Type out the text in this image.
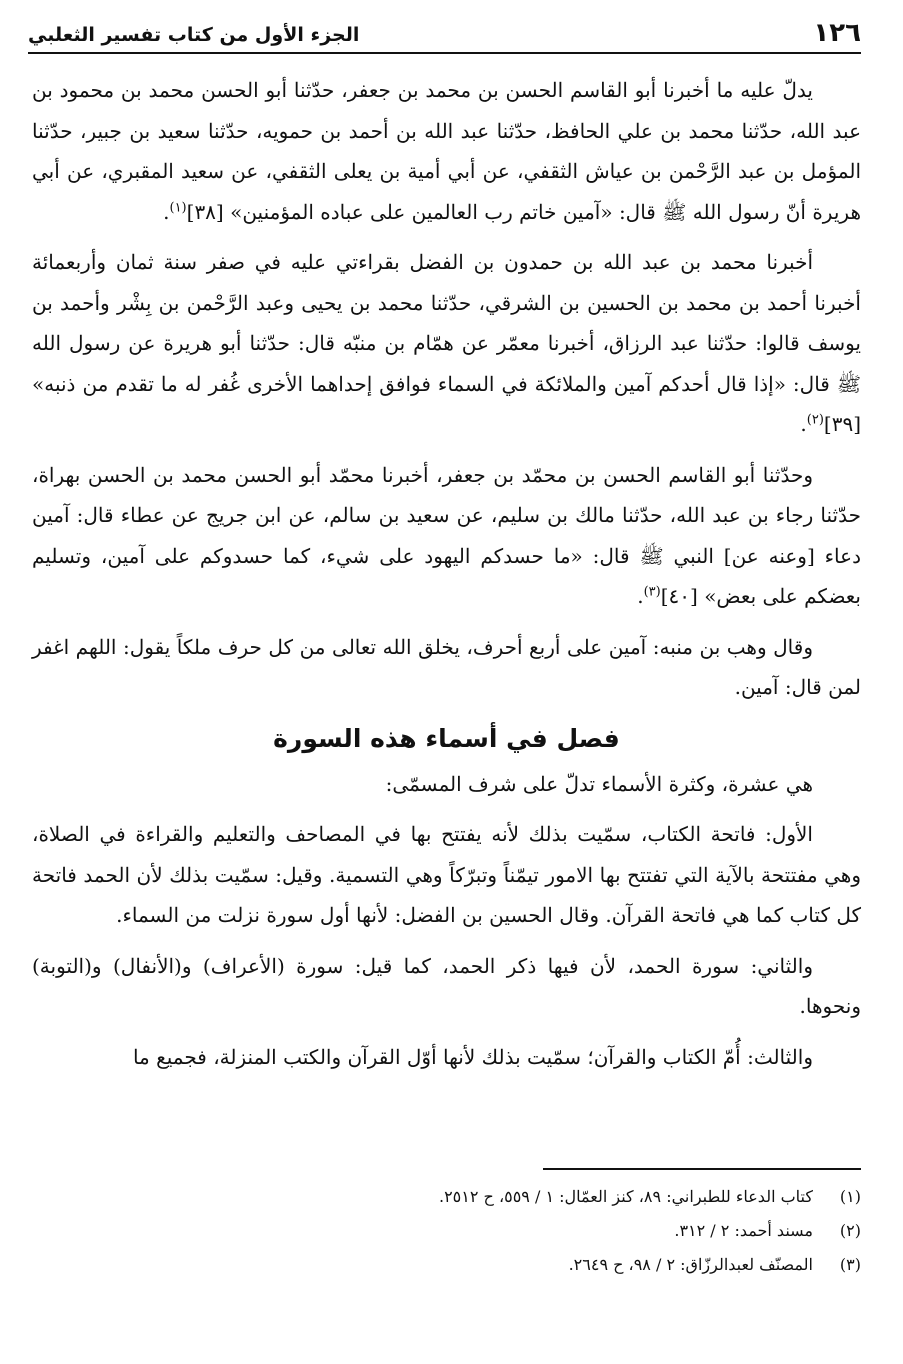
١٢٦
الجزء الأول من كتاب تفسير الثعلبي

يدلّ عليه ما أخبرنا أبو القاسم الحسن بن محمد بن جعفر، حدّثنا أبو الحسن محمد بن محمود بن عبد الله، حدّثنا محمد بن علي الحافظ، حدّثنا عبد الله بن أحمد بن حمويه، حدّثنا سعيد بن جبير، حدّثنا المؤمل بن عبد الرَّحْمن بن عياش الثقفي، عن أبي أمية بن يعلى الثقفي، عن سعيد المقبري، عن أبي هريرة أنّ رسول الله ﷺ قال: «آمين خاتم رب العالمين على عباده المؤمنين» [٣٨]$^{(١)}$.

أخبرنا محمد بن عبد الله بن حمدون بن الفضل بقراءتي عليه في صفر سنة ثمان وأربعمائة أخبرنا أحمد بن محمد بن الحسين بن الشرقي، حدّثنا محمد بن يحيى وعبد الرَّحْمن بن بِشْر وأحمد بن يوسف قالوا: حدّثنا عبد الرزاق، أخبرنا معمّر عن همّام بن منبّه قال: حدّثنا أبو هريرة عن رسول الله ﷺ قال: «إذا قال أحدكم آمين والملائكة في السماء فوافق إحداهما الأخرى غُفر له ما تقدم من ذنبه» [٣٩]$^{(٢)}$.

وحدّثنا أبو القاسم الحسن بن محمّد بن جعفر، أخبرنا محمّد أبو الحسن محمد بن الحسن بهراة، حدّثنا رجاء بن عبد الله، حدّثنا مالك بن سليم، عن سعيد بن سالم، عن ابن جريج عن عطاء قال: آمين دعاء [وعنه عن] النبي ﷺ قال: «ما حسدكم اليهود على شيء، كما حسدوكم على آمين، وتسليم بعضكم على بعض» [٤٠]$^{(٣)}$.

وقال وهب بن منبه: آمين على أربع أحرف، يخلق الله تعالى من كل حرف ملكاً يقول: اللهم اغفر لمن قال: آمين.

فصل في أسماء هذه السورة

هي عشرة، وكثرة الأسماء تدلّ على شرف المسمّى:

الأول: فاتحة الكتاب، سمّيت بذلك لأنه يفتتح بها في المصاحف والتعليم والقراءة في الصلاة، وهي مفتتحة بالآية التي تفتتح بها الامور تيمّناً وتبرّكاً وهي التسمية. وقيل: سمّيت بذلك لأن الحمد فاتحة كل كتاب كما هي فاتحة القرآن. وقال الحسين بن الفضل: لأنها أول سورة نزلت من السماء.

والثاني: سورة الحمد، لأن فيها ذكر الحمد، كما قيل: سورة (الأعراف) و(الأنفال) و(التوبة) ونحوها.

والثالث: أُمّ الكتاب والقرآن؛ سمّيت بذلك لأنها أوّل القرآن والكتب المنزلة، فجميع ما

(١)
كتاب الدعاء للطبراني: ٨٩، كنز العمّال: ١ / ٥٥٩، ح ٢٥١٢.
(٢)
مسند أحمد: ٢ / ٣١٢.
(٣)
المصنّف لعبدالرزّاق: ٢ / ٩٨، ح ٢٦٤٩.
